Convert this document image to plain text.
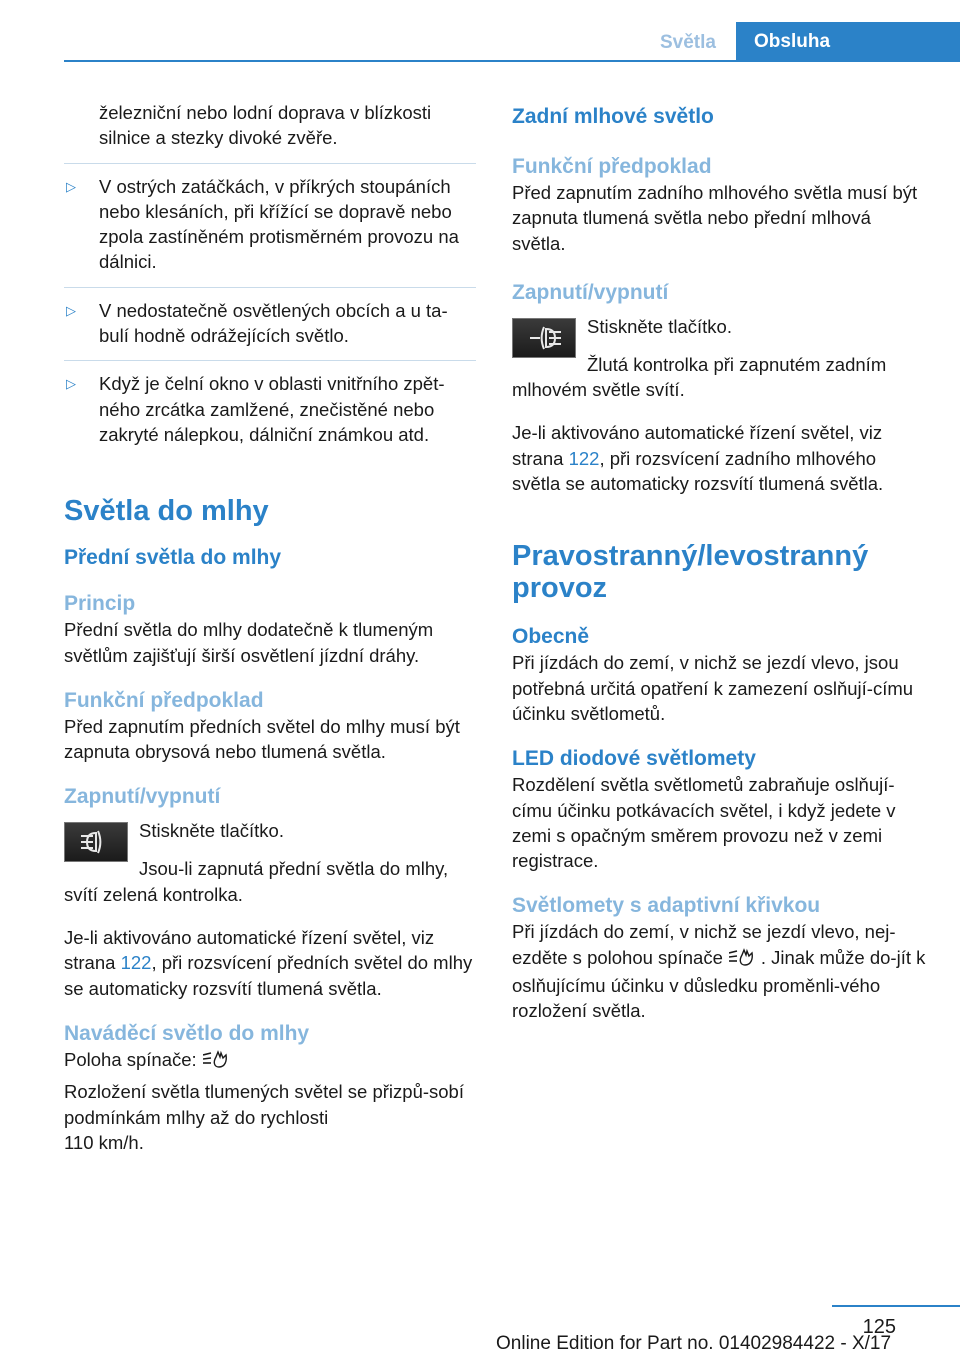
Světla	Obsluha

železniční nebo lodní doprava v blízkosti silnice a stezky divoké zvěře.

▷ V ostrých zatáčkách, v příkrých stoupáních nebo klesáních, při křížící se dopravě nebo zpola zastíněném protisměrném provozu na dálnici.
▷ V nedostatečně osvětlených obcích a u ta-bulí hodně odrážejících světlo.
▷ Když je čelní okno v oblasti vnitřního zpět-ného zrcátka zamlžené, znečistěné nebo zakryté nálepkou, dálniční známkou atd.
Světla do mlhy
Přední světla do mlhy
Princip

Přední světla do mlhy dodatečně k tlumeným světlům zajišťují širší osvětlení jízdní dráhy.

Funkční předpoklad

Před zapnutím předních světel do mlhy musí být zapnuta obrysová nebo tlumená světla.

Zapnutí/vypnutí
Stiskněte tlačítko.

Jsou-li zapnutá přední světla do mlhy, svítí zelená kontrolka.

Je-li aktivováno automatické řízení světel, viz strana 122, při rozsvícení předních světel do mlhy se automaticky rozsvítí tlumená světla.

Naváděcí světlo do mlhy

Poloha spínače:

Rozložení světla tlumených světel se přizpů-sobí podmínkám mlhy až do rychlosti

110 km/h.

Zadní mlhové světlo
Funkční předpoklad

Před zapnutím zadního mlhového světla musí být zapnuta tlumená světla nebo přední mlhová světla.

Zapnutí/vypnutí
Stiskněte tlačítko.

Žlutá kontrolka při zapnutém zadním mlhovém světle svítí.

Je-li aktivováno automatické řízení světel, viz strana 122, při rozsvícení zadního mlhového světla se automaticky rozsvítí tlumená světla.

Pravostranný/levostranný provoz
Obecně

Při jízdách do zemí, v nichž se jezdí vlevo, jsou potřebná určitá opatření k zamezení oslňují-címu účinku světlometů.

LED diodové světlomety

Rozdělení světla světlometů zabraňuje oslňují-címu účinku potkávacích světel, i když jedete v zemi s opačným směrem provozu než v zemi registrace.

Světlomety s adaptivní křivkou

Při jízdách do zemí, v nichž se jezdí vlevo, nej-ezděte s polohou spínače . Jinak může do-jít k oslňujícímu účinku v důsledku proměnli-vého rozložení světla.

125
Online Edition for Part no. 01402984422 - X/17
